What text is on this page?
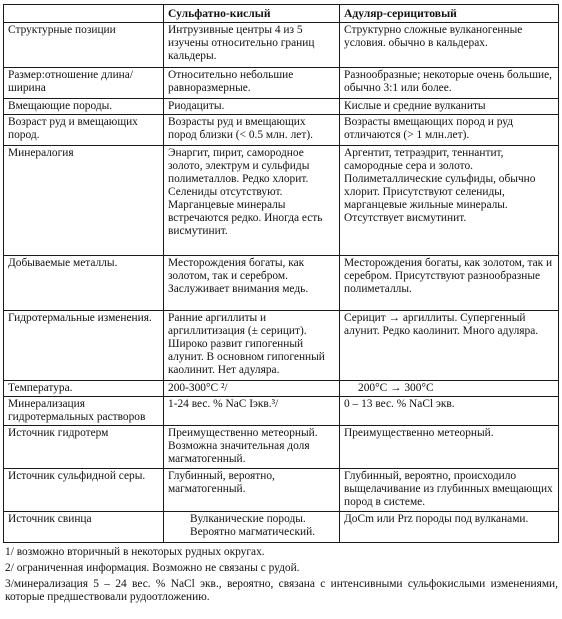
	Сульфатно-кислый	Адуляр-серицитовый
Структурные позиции	Интрузивные центры 4 из 5 изучены относительно границ кальдеры.	Структурно сложные вулканогенные условия. обычно в кальдерах.
Размер:отношение длина/ширина	Относительно небольшие равноразмерные.	Разнообразные; некоторые очень большие, обычно 3:1 или более.
Вмещающие породы.	Риодациты.	Кислые и средние вулканиты
Возраст руд и вмещающих пород.	Возрасты руд и вмещающих пород близки (< 0.5 млн. лет).	Возрасты вмещающих пород и руд отличаются (> 1 млн.лет).
Минералогия	Энаргит, пирит, самородное золото, электрум и сульфиды полиметаллов. Редко хлорит. Селениды отсутствуют. Марганцевые минералы встречаются редко. Иногда есть висмутинит.	Аргентит, тетраэдрит, теннантит, самородные сера и золото. Полиметаллические сульфиды, обычно хлорит. Присутствуют селениды, марганцевые жильные минералы. Отсутствует висмутинит.
Добываемые металлы.	Месторождения богаты, как золотом, так и серебром. Заслуживает внимания медь.	Месторождения богаты, как золотом, так и серебром. Присутствуют разнообразные полиметаллы.
Гидротермальные изменения.	Ранние аргиллиты и аргиллитизация (± серицит). Широко развит гипогенный алунит. В основном гипогенный каолинит. Нет адуляра.	Серицит → аргиллиты. Супергенный алунит. Редко каолинит. Много адуляра.
Температура.	200-300°C ²/	200°C → 300°C
Минерализация гидротермальных растворов	1-24 вес. % NaC Iэкв.³/	0 – 13 вес. % NaCl экв.
Источник гидротерм	Преимущественно метеорный. Возможна значительная доля магматогенный.	Преимущественно метеорный.
Источник сульфидной серы.	Глубинный, вероятно, магматогенный.	Глубинный, вероятно, происходило выщелачивание из глубинных вмещающих пород в системе.
Источник свинца	Вулканические породы. Вероятно магматический.	ДоCm или Prz породы под вулканами.

1/ возможно вторичный в некоторых рудных округах.

2/ ограниченная информация. Возможно не связаны с рудой.

3/минерализация 5 – 24 вес. % NaCl экв., вероятно, связана с интенсивными сульфокислыми изменениями, которые предшествовали рудоотложению.
